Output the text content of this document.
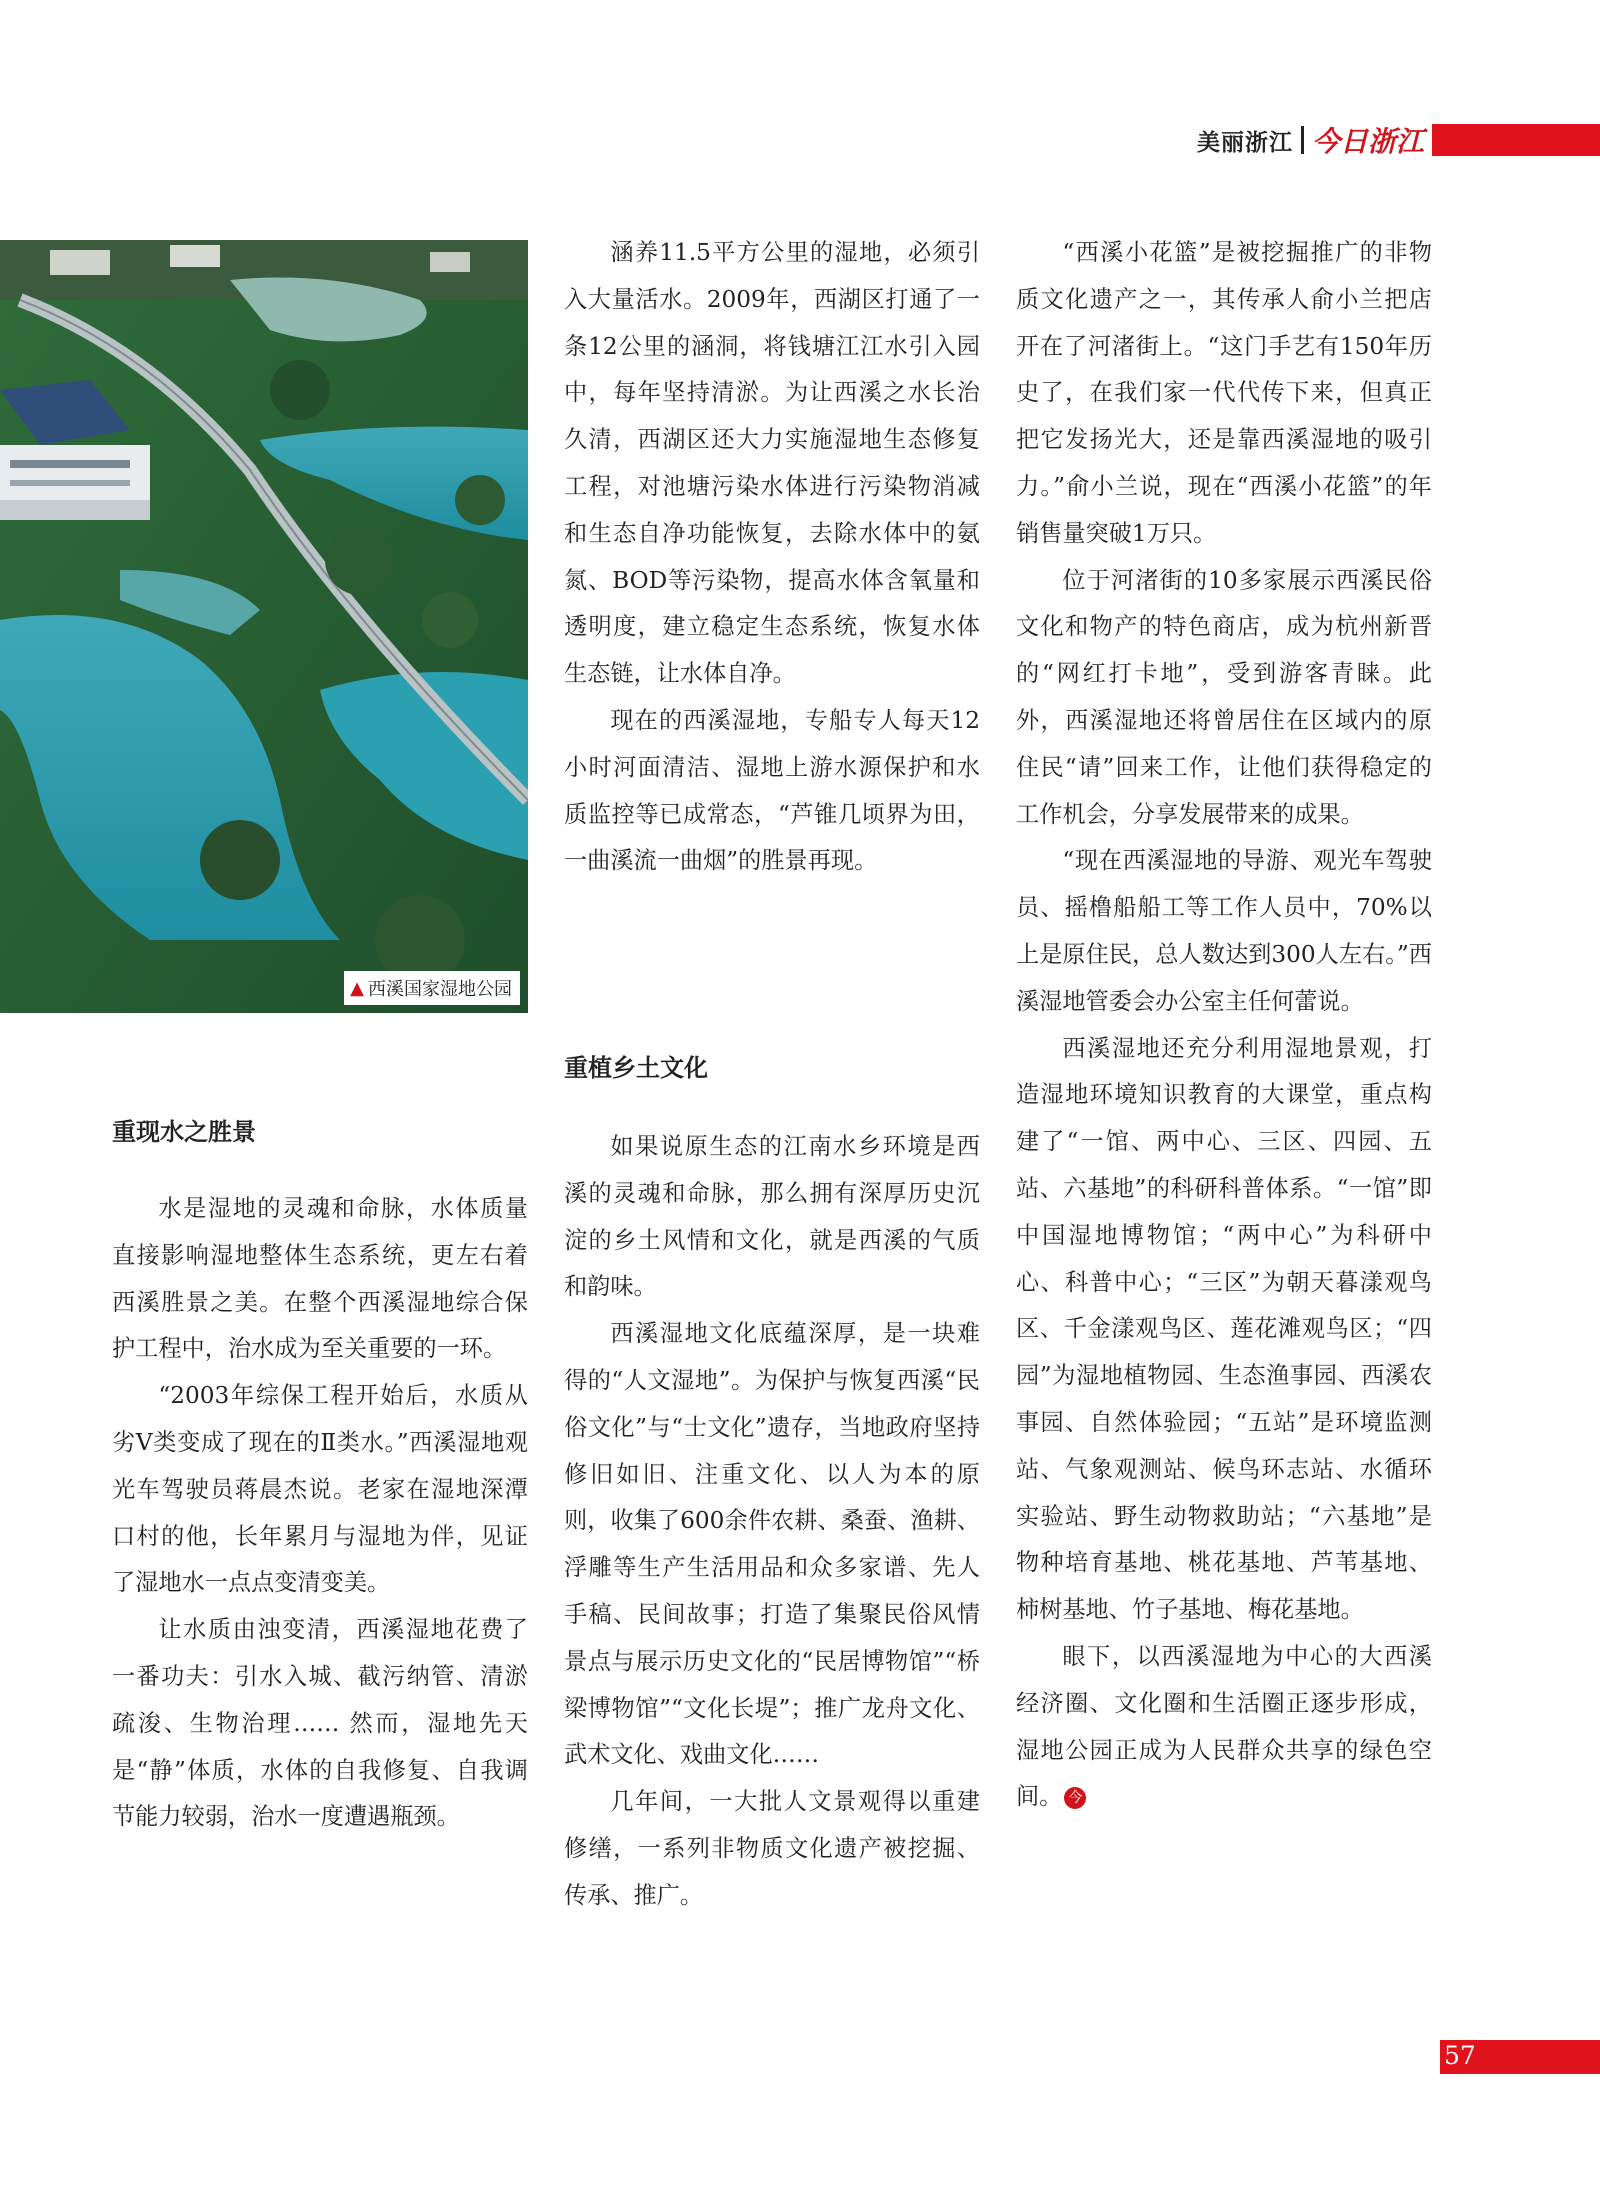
美丽浙江 今日浙江
▲ 西溪国家湿地公园
重现水之胜景

水是湿地的灵魂和命脉，水体质量直接影响湿地整体生态系统，更左右着西溪胜景之美。在整个西溪湿地综合保护工程中，治水成为至关重要的一环。

“2003年综保工程开始后，水质从劣Ⅴ类变成了现在的Ⅱ类水。”西溪湿地观光车驾驶员蒋晨杰说。老家在湿地深潭口村的他，长年累月与湿地为伴，见证了湿地水一点点变清变美。

让水质由浊变清，西溪湿地花费了一番功夫：引水入城、截污纳管、清淤疏浚、生物治理…… 然而，湿地先天是“静”体质，水体的自我修复、自我调节能力较弱，治水一度遭遇瓶颈。

涵养11.5平方公里的湿地，必须引入大量活水。2009年，西湖区打通了一条12公里的涵洞，将钱塘江江水引入园中，每年坚持清淤。为让西溪之水长治久清，西湖区还大力实施湿地生态修复工程，对池塘污染水体进行污染物消减和生态自净功能恢复，去除水体中的氨氮、BOD等污染物，提高水体含氧量和透明度，建立稳定生态系统，恢复水体生态链，让水体自净。

现在的西溪湿地，专船专人每天12小时河面清洁、湿地上游水源保护和水质监控等已成常态，“芦锥几顷界为田，一曲溪流一曲烟”的胜景再现。

重植乡土文化

如果说原生态的江南水乡环境是西溪的灵魂和命脉，那么拥有深厚历史沉淀的乡土风情和文化，就是西溪的气质和韵味。

西溪湿地文化底蕴深厚，是一块难得的“人文湿地”。为保护与恢复西溪“民俗文化”与“士文化”遗存，当地政府坚持修旧如旧、注重文化、以人为本的原则，收集了600余件农耕、桑蚕、渔耕、浮雕等生产生活用品和众多家谱、先人手稿、民间故事；打造了集聚民俗风情景点与展示历史文化的“民居博物馆”“桥梁博物馆”“文化长堤”；推广龙舟文化、武术文化、戏曲文化……

几年间，一大批人文景观得以重建修缮，一系列非物质文化遗产被挖掘、传承、推广。

“西溪小花篮”是被挖掘推广的非物质文化遗产之一，其传承人俞小兰把店开在了河渚街上。“这门手艺有150年历史了，在我们家一代代传下来，但真正把它发扬光大，还是靠西溪湿地的吸引力。”俞小兰说，现在“西溪小花篮”的年销售量突破1万只。

位于河渚街的10多家展示西溪民俗文化和物产的特色商店，成为杭州新晋的“网红打卡地”，受到游客青睐。此外，西溪湿地还将曾居住在区域内的原住民“请”回来工作，让他们获得稳定的工作机会，分享发展带来的成果。

“现在西溪湿地的导游、观光车驾驶员、摇橹船船工等工作人员中，70%以上是原住民，总人数达到300人左右。”西溪湿地管委会办公室主任何蕾说。

西溪湿地还充分利用湿地景观，打造湿地环境知识教育的大课堂，重点构建了“一馆、两中心、三区、四园、五站、六基地”的科研科普体系。“一馆”即中国湿地博物馆；“两中心”为科研中心、科普中心；“三区”为朝天暮漾观鸟区、千金漾观鸟区、莲花滩观鸟区；“四园”为湿地植物园、生态渔事园、西溪农事园、自然体验园；“五站”是环境监测站、气象观测站、候鸟环志站、水循环实验站、野生动物救助站；“六基地”是物种培育基地、桃花基地、芦苇基地、柿树基地、竹子基地、梅花基地。

眼下，以西溪湿地为中心的大西溪经济圈、文化圈和生活圈正逐步形成，湿地公园正成为人民群众共享的绿色空间。 今

57
